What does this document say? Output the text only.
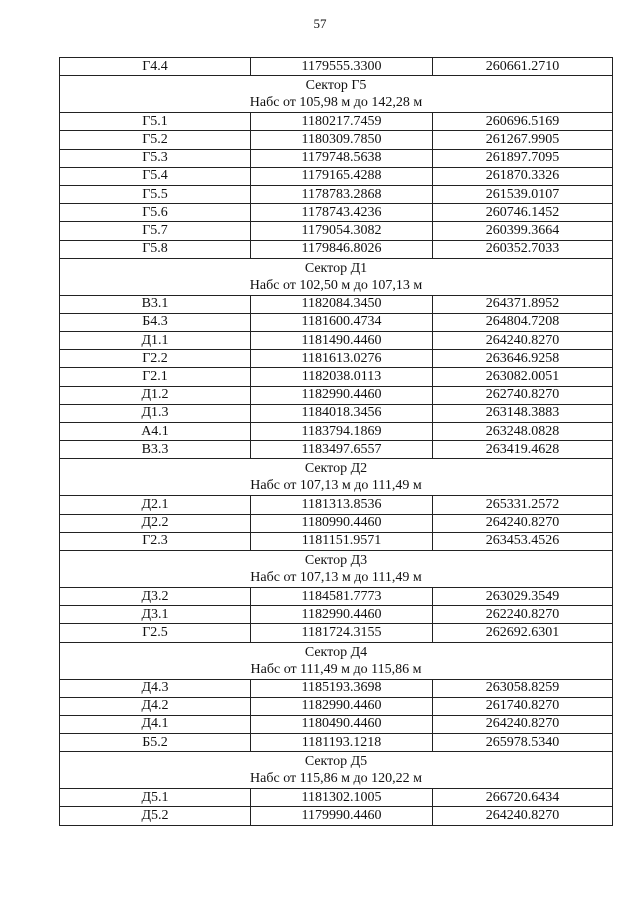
57
Г4.4	1179555.3300	260661.2710

Сектор Г5
Набс от 105,98 м до 142,28 м		

Г5.1	1180217.7459	260696.5169
Г5.2	1180309.7850	261267.9905
Г5.3	1179748.5638	261897.7095
Г5.4	1179165.4288	261870.3326
Г5.5	1178783.2868	261539.0107
Г5.6	1178743.4236	260746.1452
Г5.7	1179054.3082	260399.3664
Г5.8	1179846.8026	260352.7033

Сектор Д1
Набс от 102,50 м до 107,13 м		

В3.1	1182084.3450	264371.8952
Б4.3	1181600.4734	264804.7208
Д1.1	1181490.4460	264240.8270
Г2.2	1181613.0276	263646.9258
Г2.1	1182038.0113	263082.0051
Д1.2	1182990.4460	262740.8270
Д1.3	1184018.3456	263148.3883
А4.1	1183794.1869	263248.0828
В3.3	1183497.6557	263419.4628

Сектор Д2
Набс от 107,13 м до 111,49 м		

Д2.1	1181313.8536	265331.2572
Д2.2	1180990.4460	264240.8270
Г2.3	1181151.9571	263453.4526

Сектор Д3
Набс от 107,13 м до 111,49 м		

Д3.2	1184581.7773	263029.3549
Д3.1	1182990.4460	262240.8270
Г2.5	1181724.3155	262692.6301

Сектор Д4
Набс от 111,49 м до 115,86 м		

Д4.3	1185193.3698	263058.8259
Д4.2	1182990.4460	261740.8270
Д4.1	1180490.4460	264240.8270
Б5.2	1181193.1218	265978.5340

Сектор Д5
Набс от 115,86 м до 120,22 м		

Д5.1	1181302.1005	266720.6434
Д5.2	1179990.4460	264240.8270
